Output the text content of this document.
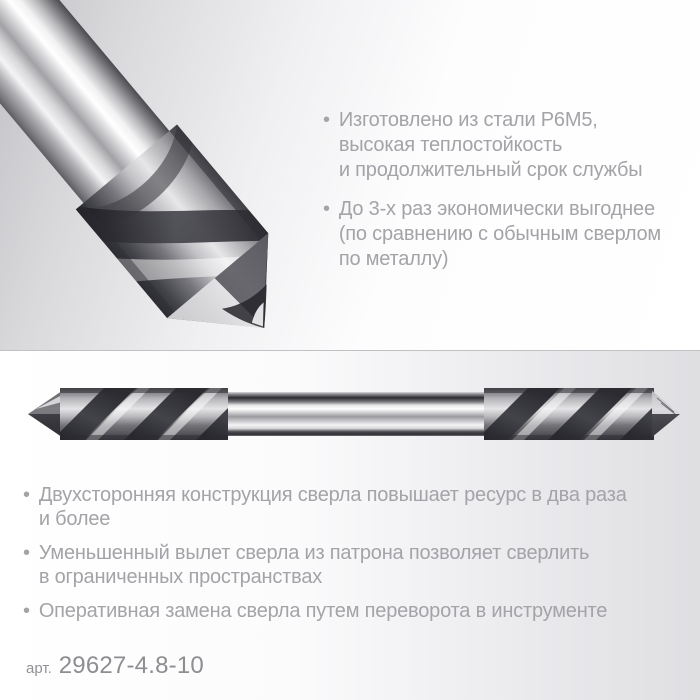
• Изготовлено из стали Р6М5,
высокая теплостойкость
и продолжительный срок службы
• До 3-х раз экономически выгоднее
(по сравнению с обычным сверлом
по металлу)
• Двухсторонняя конструкция сверла повышает ресурс в два раза
и более
• Уменьшенный вылет сверла из патрона позволяет сверлить
в ограниченных пространствах
• Оперативная замена сверла путем переворота в инструменте
арт. 29627-4.8-10
